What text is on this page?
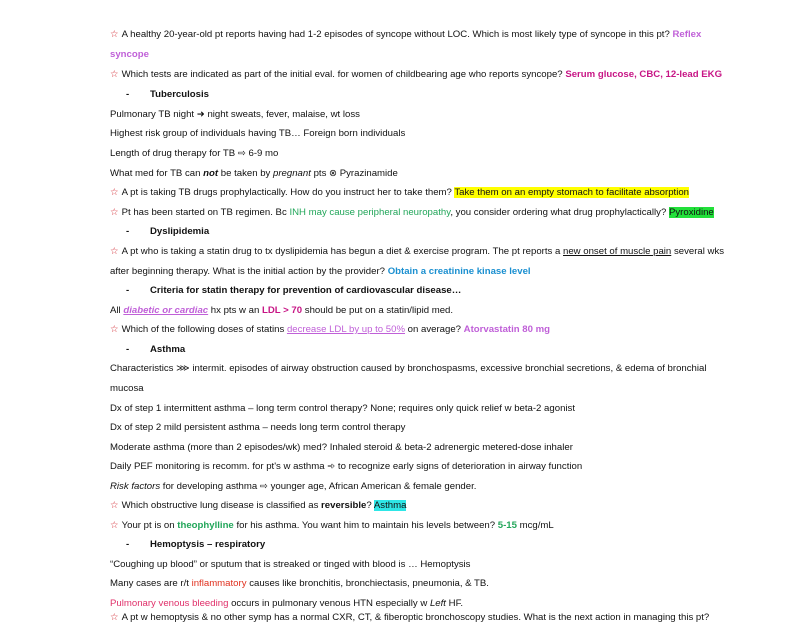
☆ A healthy 20-year-old pt reports having had 1-2 episodes of syncope without LOC. Which is most likely type of syncope in this pt? Reflex
syncope
☆ Which tests are indicated as part of the initial eval. for women of childbearing age who reports syncope? Serum glucose, CBC, 12-lead EKG
- Tuberculosis
Pulmonary TB night ➜ night sweats, fever, malaise, wt loss
Highest risk group of individuals having TB… Foreign born individuals
Length of drug therapy for TB ⇨ 6-9 mo
What med for TB can not be taken by pregnant pts ⊗ Pyrazinamide
☆ A pt is taking TB drugs prophylactically. How do you instruct her to take them? Take them on an empty stomach to facilitate absorption
☆ Pt has been started on TB regimen. Bc INH may cause peripheral neuropathy, you consider ordering what drug prophylactically? Pyroxidine
- Dyslipidemia
☆ A pt who is taking a statin drug to tx dyslipidemia has begun a diet & exercise program. The pt reports a new onset of muscle pain several wks
after beginning therapy. What is the initial action by the provider? Obtain a creatinine kinase level
- Criteria for statin therapy for prevention of cardiovascular disease…
All diabetic or cardiac hx pts w an LDL > 70 should be put on a statin/lipid med.
☆ Which of the following doses of statins decrease LDL by up to 50% on average? Atorvastatin 80 mg
- Asthma
Characteristics ⋙ intermit. episodes of airway obstruction caused by bronchospasms, excessive bronchial secretions, & edema of bronchial
mucosa
Dx of step 1 intermittent asthma – long term control therapy? None; requires only quick relief w beta-2 agonist
Dx of step 2 mild persistent asthma – needs long term control therapy
Moderate asthma (more than 2 episodes/wk) med? Inhaled steroid & beta-2 adrenergic metered-dose inhaler
Daily PEF monitoring is recomm. for pt's w asthma ➾ to recognize early signs of deterioration in airway function
Risk factors for developing asthma ⇨ younger age, African American & female gender.
☆ Which obstructive lung disease is classified as reversible? Asthma
☆ Your pt is on theophylline for his asthma. You want him to maintain his levels between? 5-15 mcg/mL
- Hemoptysis – respiratory
“Coughing up blood” or sputum that is streaked or tinged with blood is … Hemoptysis
Many cases are r/t inflammatory causes like bronchitis, bronchiectasis, pneumonia, & TB.
Pulmonary venous bleeding occurs in pulmonary venous HTN especially w Left HF.
☆ A pt w hemoptysis & no other symp has a normal CXR, CT, & fiberoptic bronchoscopy studies. What is the next action in managing this pt?
